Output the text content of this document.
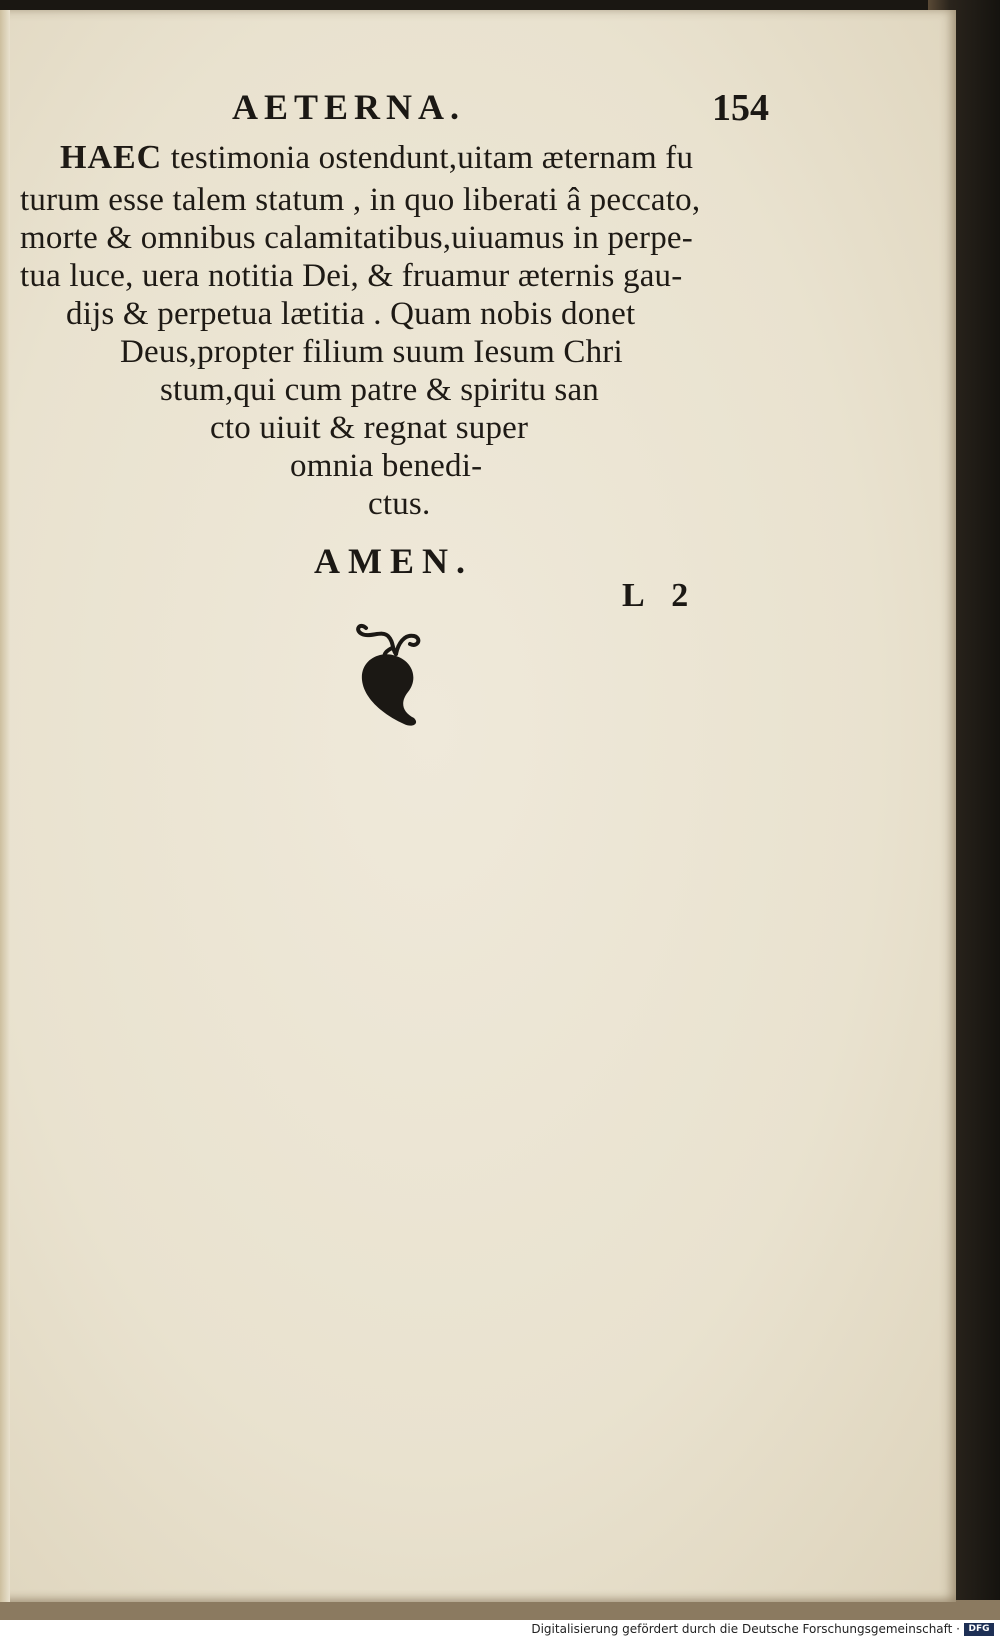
AETERNA.	154
HAEC testimonia ostendunt,uitam æternam fu
turum esse talem statum , in quo liberati â peccato,
morte & omnibus calamitatibus,uiuamus in perpe-
tua luce, uera notitia Dei, & fruamur æternis gau-
dijs & perpetua lætitia . Quam nobis donet
Deus,propter filium suum Iesum Chri
stum,qui cum patre & spiritu san
cto uiuit & regnat super
omnia benedi-
ctus.
AMEN.
L 2
Digitalisierung gefördert durch die Deutsche Forschungsgemeinschaft · DFG
